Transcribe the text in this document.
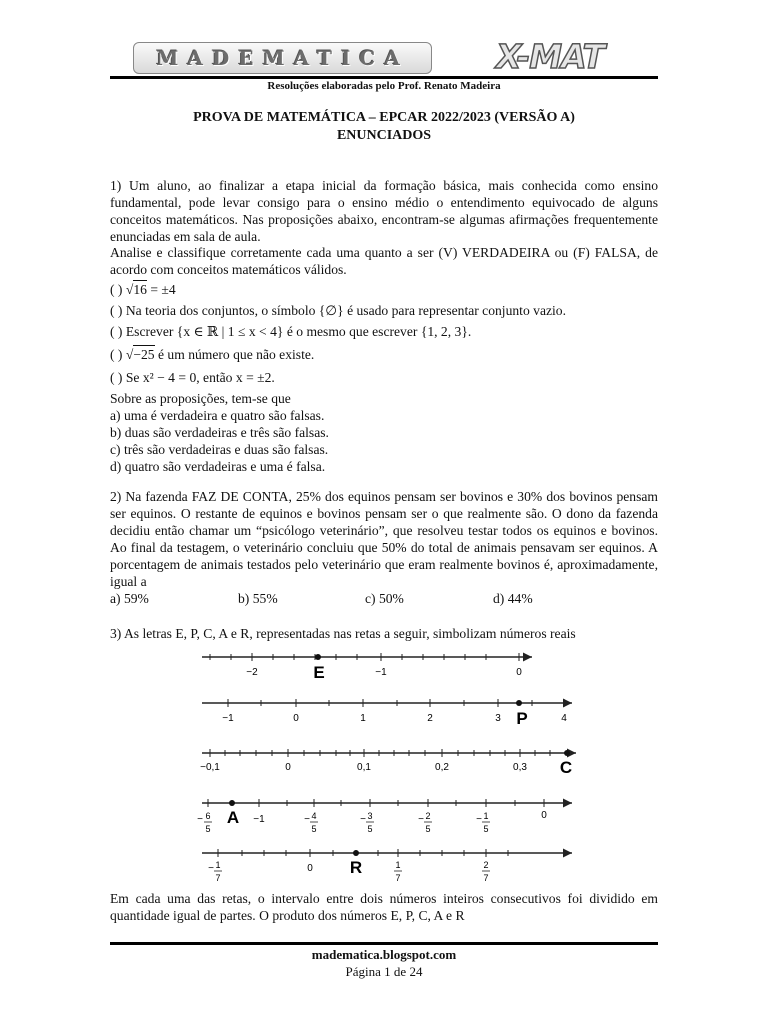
MADEMATICA	X-MAT
Resoluções elaboradas pelo Prof. Renato Madeira
PROVA DE MATEMÁTICA – EPCAR 2022/2023 (VERSÃO A)
ENUNCIADOS
1) Um aluno, ao finalizar a etapa inicial da formação básica, mais conhecida como ensino fundamental, pode levar consigo para o ensino médio o entendimento equivocado de alguns conceitos matemáticos. Nas proposições abaixo, encontram-se algumas afirmações frequentemente enunciadas em sala de aula.
Analise e classifique corretamente cada uma quanto a ser (V) VERDADEIRA ou (F) FALSA, de acordo com conceitos matemáticos válidos.
( ) √16 = ±4
( ) Na teoria dos conjuntos, o símbolo {∅} é usado para representar conjunto vazio.
( ) Escrever {x ∈ ℝ | 1 ≤ x < 4} é o mesmo que escrever {1, 2, 3}.
( ) √−25 é um número que não existe.
( ) Se x² − 4 = 0, então x = ±2.
Sobre as proposições, tem-se que
a) uma é verdadeira e quatro são falsas.
b) duas são verdadeiras e três são falsas.
c) três são verdadeiras e duas são falsas.
d) quatro são verdadeiras e uma é falsa.
2) Na fazenda FAZ DE CONTA, 25% dos equinos pensam ser bovinos e 30% dos bovinos pensam ser equinos. O restante de equinos e bovinos pensam ser o que realmente são. O dono da fazenda decidiu então chamar um “psicólogo veterinário”, que resolveu testar todos os equinos e bovinos. Ao final da testagem, o veterinário concluiu que 50% do total de animais pensavam ser equinos. A porcentagem de animais testados pelo veterinário que eram realmente bovinos é, aproximadamente, igual a
a) 59%	b) 55%	c) 50%	d) 44%
3) As letras E, P, C, A e R, representadas nas retas a seguir, simbolizam números reais
−2	−1	0
E
−1	0	1	2	3	4
P
−0,1	0	0,1	0,2	0,3 C
− 6
5
−1	− 4
5
− 3
5
− 2
5
− 1
5
0
A
− 1
7
0	1
7
2
7
R
Em cada uma das retas, o intervalo entre dois números inteiros consecutivos foi dividido em quantidade igual de partes. O produto dos números E, P, C, A e R
madematica.blogspot.com
Página 1 de 24
